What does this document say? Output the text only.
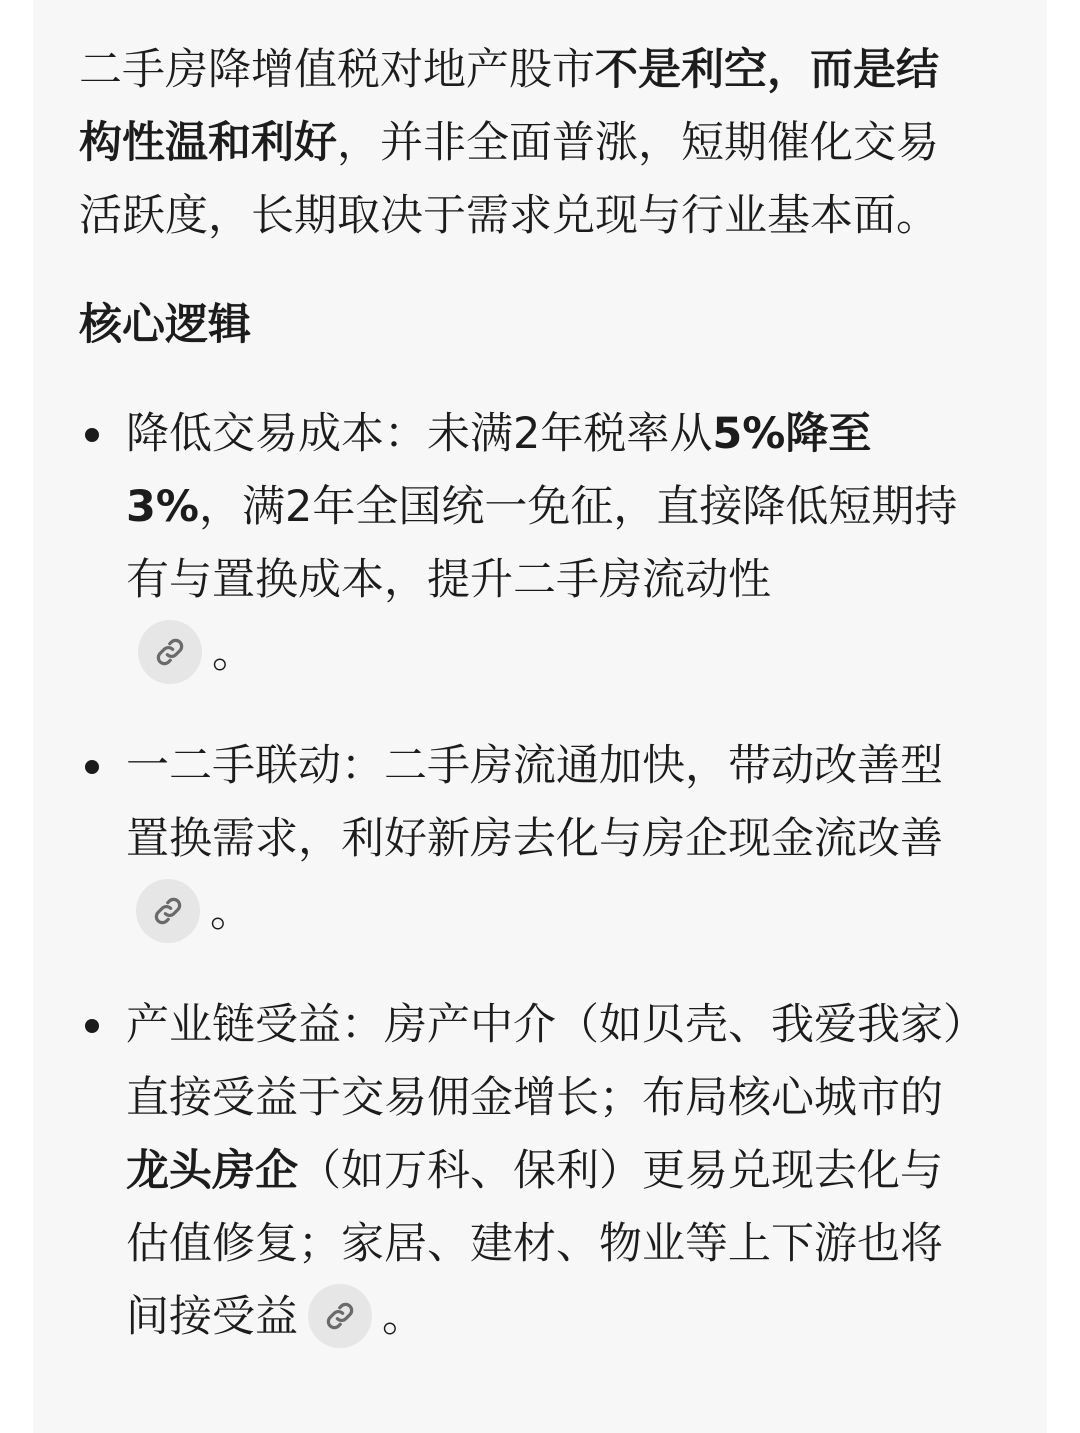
二手房降增值税对地产股市不是利空，而是结构性温和利好，并非全面普涨，短期催化交易活跃度，长期取决于需求兑现与行业基本面。

核心逻辑
降低交易成本：未满2年税率从5%降至3%，满2年全国统一免征，直接降低短期持有与置换成本，提升二手房流动性

。
一二手联动：二手房流通加快，带动改善型置换需求，利好新房去化与房企现金流改善
。
产业链受益：房产中介（如贝壳、我爱我家）直接受益于交易佣金增长；布局核心城市的龙头房企（如万科、保利）更易兑现去化与估值修复；家居、建材、物业等上下游也将间接受益 。
